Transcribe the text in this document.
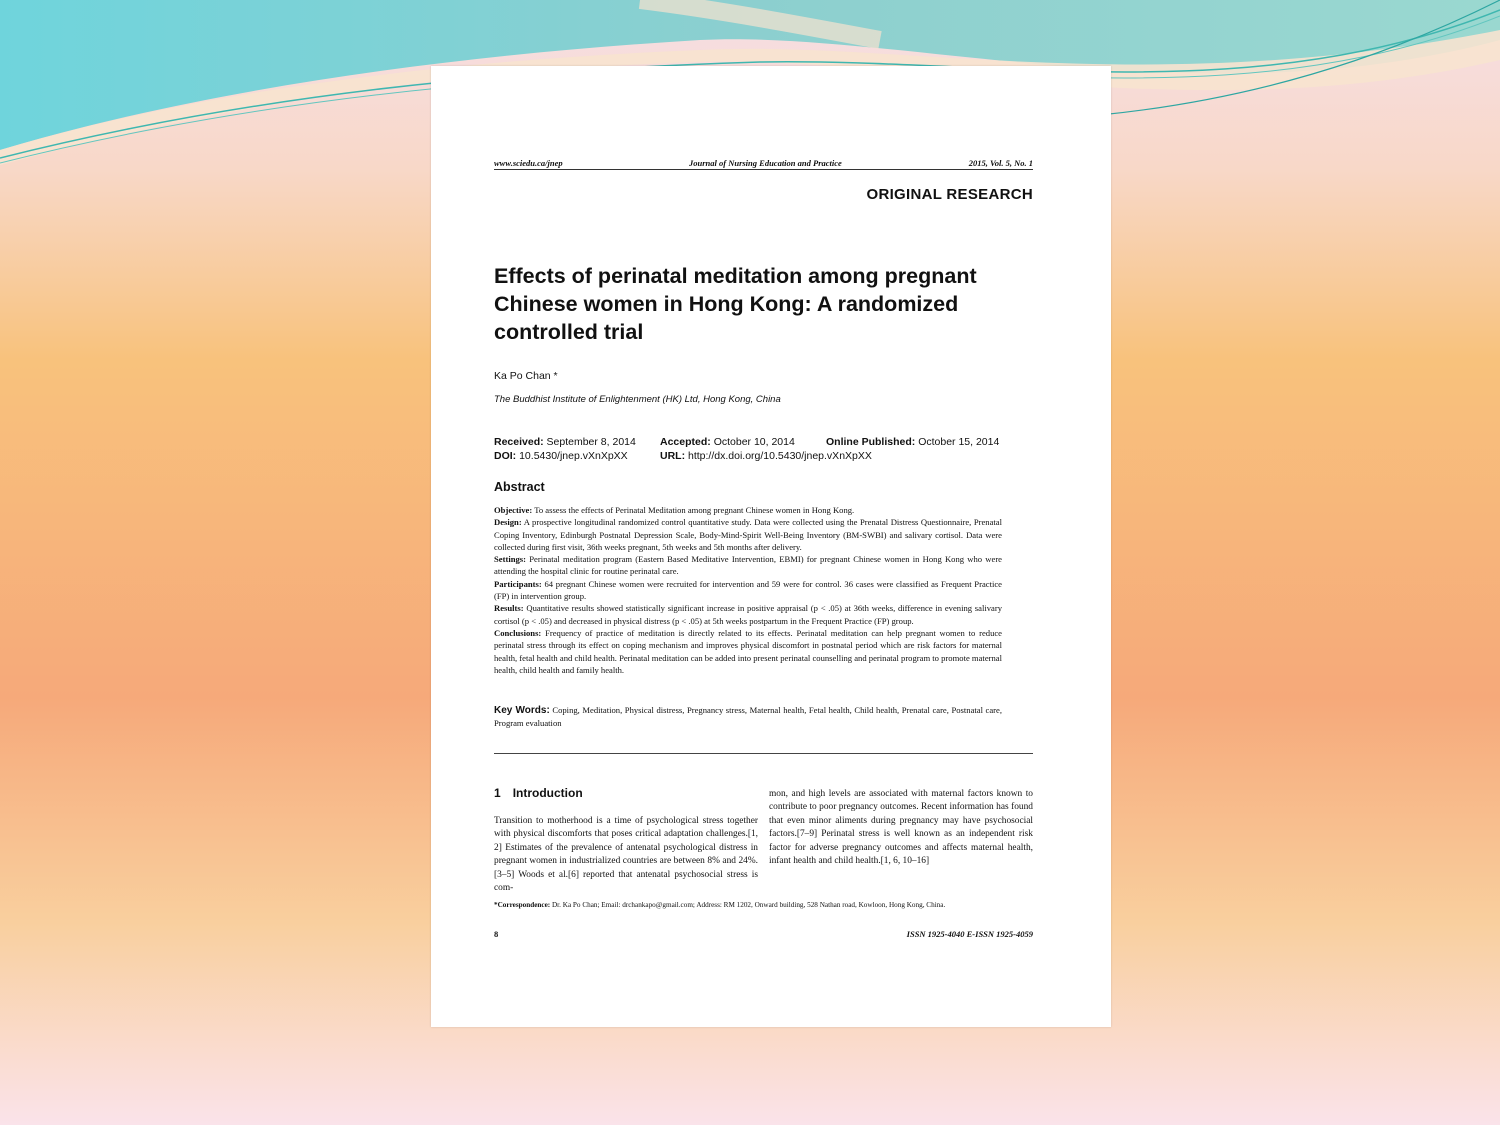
www.sciedu.ca/jnep	Journal of Nursing Education and Practice	2015, Vol. 5, No. 1
ORIGINAL RESEARCH
Effects of perinatal meditation among pregnant Chinese women in Hong Kong: A randomized controlled trial
Ka Po Chan *
The Buddhist Institute of Enlightenment (HK) Ltd, Hong Kong, China
Received: September 8, 2014 Accepted: October 10, 2014	Online Published: October 15, 2014
DOI: 10.5430/jnep.vXnXpXX	URL: http://dx.doi.org/10.5430/jnep.vXnXpXX
Abstract

Objective: To assess the effects of Perinatal Meditation among pregnant Chinese women in Hong Kong.

Design: A prospective longitudinal randomized control quantitative study. Data were collected using the Prenatal Distress Questionnaire, Prenatal Coping Inventory, Edinburgh Postnatal Depression Scale, Body-Mind-Spirit Well-Being Inventory (BM-SWBI) and salivary cortisol. Data were collected during first visit, 36th weeks pregnant, 5th weeks and 5th months after delivery.

Settings: Perinatal meditation program (Eastern Based Meditative Intervention, EBMI) for pregnant Chinese women in Hong Kong who were attending the hospital clinic for routine perinatal care.

Participants: 64 pregnant Chinese women were recruited for intervention and 59 were for control. 36 cases were classified as Frequent Practice (FP) in intervention group.

Results: Quantitative results showed statistically significant increase in positive appraisal (p < .05) at 36th weeks, difference in evening salivary cortisol (p < .05) and decreased in physical distress (p < .05) at 5th weeks postpartum in the Frequent Practice (FP) group.

Conclusions: Frequency of practice of meditation is directly related to its effects. Perinatal meditation can help pregnant women to reduce perinatal stress through its effect on coping mechanism and improves physical discomfort in postnatal period which are risk factors for maternal health, fetal health and child health. Perinatal meditation can be added into present perinatal counselling and perinatal program to promote maternal health, child health and family health.

Key Words: Coping, Meditation, Physical distress, Pregnancy stress, Maternal health, Fetal health, Child health, Prenatal care, Postnatal care, Program evaluation
1 Introduction
Transition to motherhood is a time of psychological stress together with physical discomforts that poses critical adaptation challenges.[1, 2] Estimates of the prevalence of antenatal psychological distress in pregnant women in industrialized countries are between 8% and 24%.[3–5] Woods et al.[6] reported that antenatal psychosocial stress is com-
mon, and high levels are associated with maternal factors known to contribute to poor pregnancy outcomes. Recent information has found that even minor aliments during pregnancy may have psychosocial factors.[7–9] Perinatal stress is well known as an independent risk factor for adverse pregnancy outcomes and affects maternal health, infant health and child health.[1, 6, 10–16]
*Correspondence: Dr. Ka Po Chan; Email: drchankapo@gmail.com; Address: RM 1202, Onward building, 528 Nathan road, Kowloon, Hong Kong, China.
8	ISSN 1925-4040 E-ISSN 1925-4059
